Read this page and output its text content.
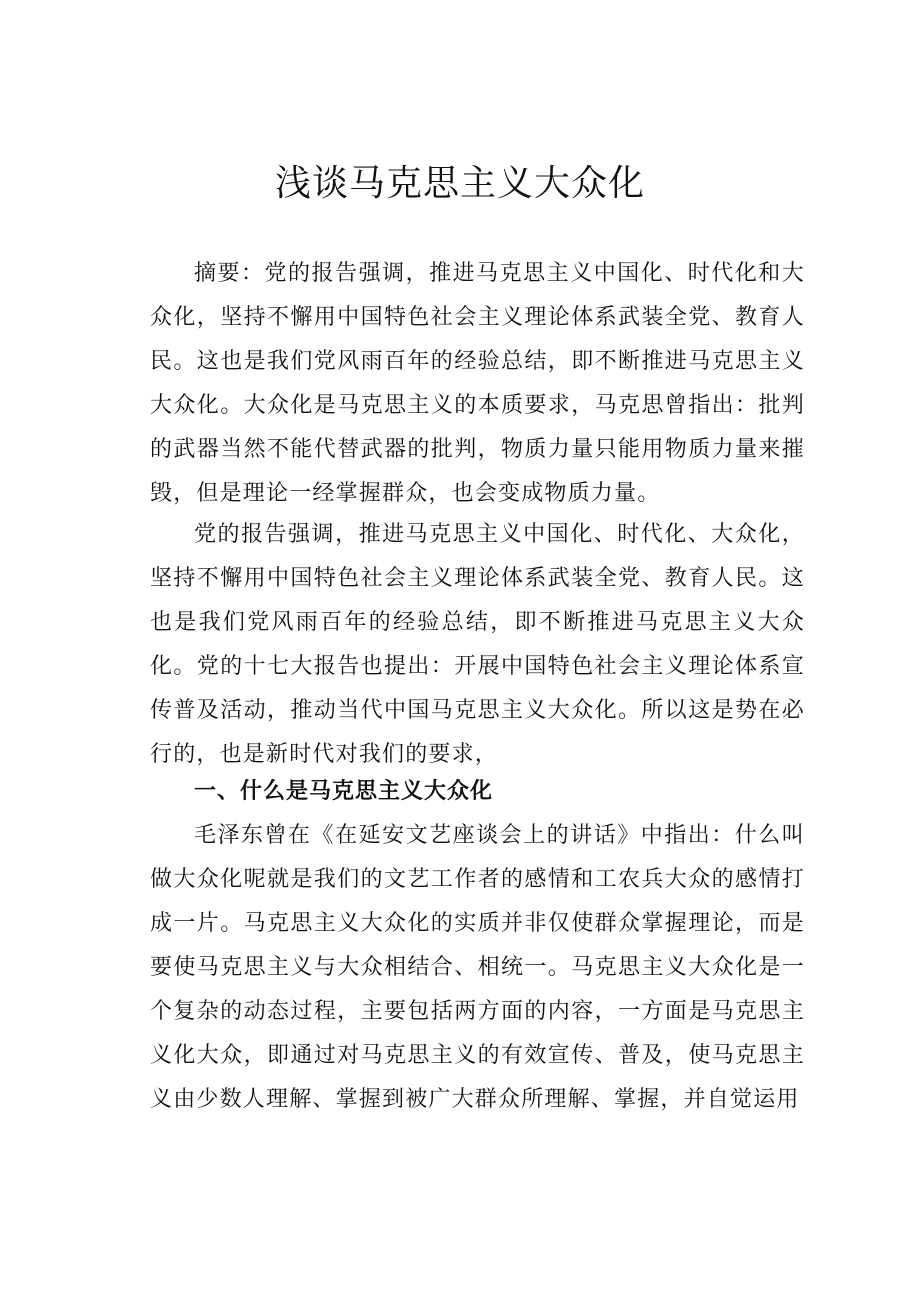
浅谈马克思主义大众化

摘要：党的报告强调，推进马克思主义中国化、时代化和大众化，坚持不懈用中国特色社会主义理论体系武装全党、教育人民。这也是我们党风雨百年的经验总结，即不断推进马克思主义大众化。大众化是马克思主义的本质要求，马克思曾指出：批判的武器当然不能代替武器的批判，物质力量只能用物质力量来摧毁，但是理论一经掌握群众，也会变成物质力量。

党的报告强调，推进马克思主义中国化、时代化、大众化，坚持不懈用中国特色社会主义理论体系武装全党、教育人民。这也是我们党风雨百年的经验总结，即不断推进马克思主义大众化。党的十七大报告也提出：开展中国特色社会主义理论体系宣传普及活动，推动当代中国马克思主义大众化。所以这是势在必行的，也是新时代对我们的要求，

一、什么是马克思主义大众化

毛泽东曾在《在延安文艺座谈会上的讲话》中指出：什么叫做大众化呢就是我们的文艺工作者的感情和工农兵大众的感情打成一片。马克思主义大众化的实质并非仅使群众掌握理论，而是要使马克思主义与大众相结合、相统一。马克思主义大众化是一个复杂的动态过程，主要包括两方面的内容，一方面是马克思主义化大众，即通过对马克思主义的有效宣传、普及，使马克思主义由少数人理解、掌握到被广大群众所理解、掌握，并自觉运用
